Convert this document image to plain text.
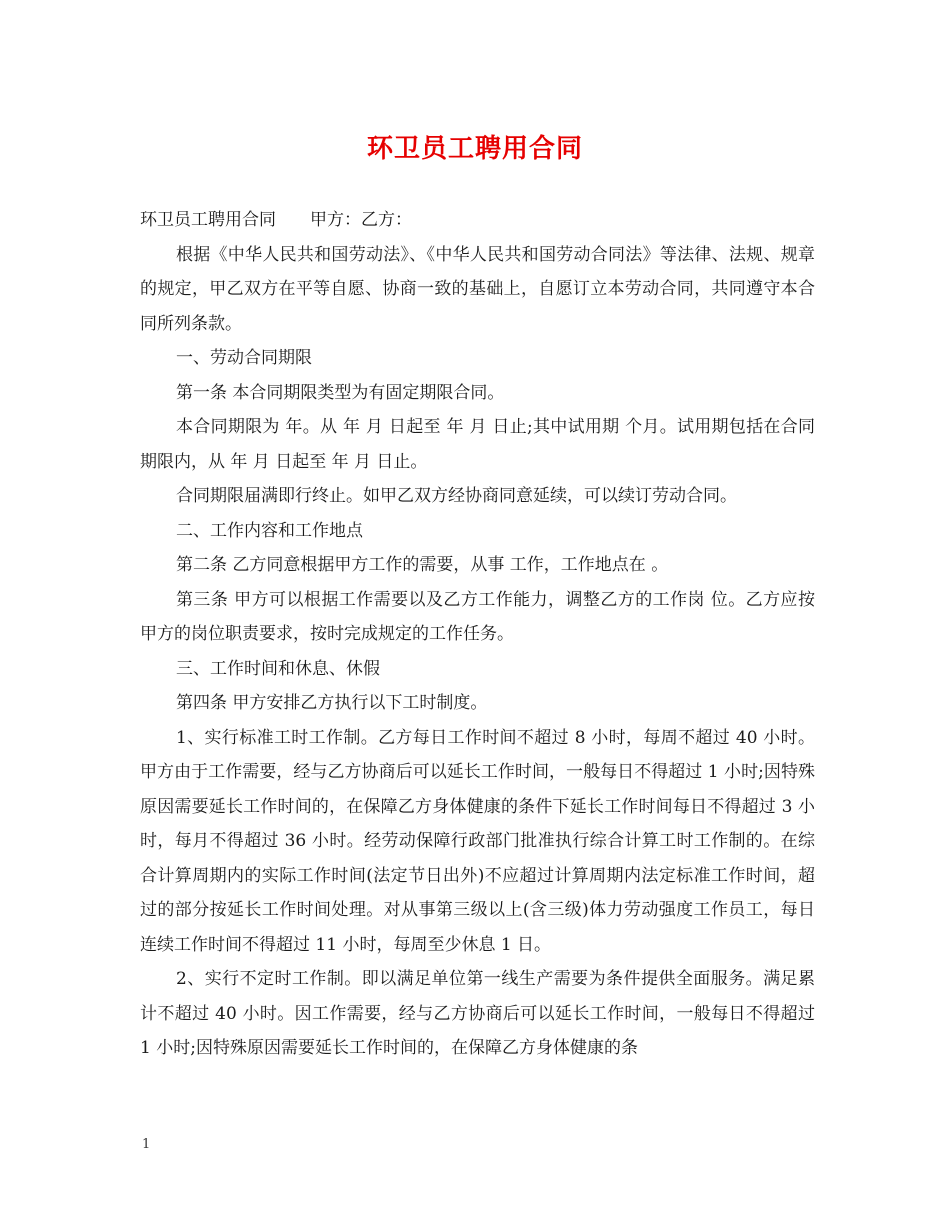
环卫员工聘用合同

环卫员工聘用合同　　甲方：乙方：

根据《中华人民共和国劳动法》、《中华人民共和国劳动合同法》等法律、法规、规章的规定，甲乙双方在平等自愿、协商一致的基础上，自愿订立本劳动合同，共同遵守本合同所列条款。

一、劳动合同期限

第一条 本合同期限类型为有固定期限合同。

本合同期限为 年。从 年 月 日起至 年 月 日止;其中试用期 个月。试用期包括在合同期限内，从 年 月 日起至 年 月 日止。

合同期限届满即行终止。如甲乙双方经协商同意延续，可以续订劳动合同。

二、工作内容和工作地点

第二条 乙方同意根据甲方工作的需要，从事 工作，工作地点在 。

第三条 甲方可以根据工作需要以及乙方工作能力，调整乙方的工作岗 位。乙方应按甲方的岗位职责要求，按时完成规定的工作任务。

三、工作时间和休息、休假

第四条 甲方安排乙方执行以下工时制度。

1、实行标准工时工作制。乙方每日工作时间不超过 8 小时，每周不超过 40 小时。甲方由于工作需要，经与乙方协商后可以延长工作时间，一般每日不得超过 1 小时;因特殊原因需要延长工作时间的，在保障乙方身体健康的条件下延长工作时间每日不得超过 3 小时，每月不得超过 36 小时。经劳动保障行政部门批准执行综合计算工时工作制的。在综合计算周期内的实际工作时间(法定节日出外)不应超过计算周期内法定标准工作时间，超过的部分按延长工作时间处理。对从事第三级以上(含三级)体力劳动强度工作员工，每日连续工作时间不得超过 11 小时，每周至少休息 1 日。

2、实行不定时工作制。即以满足单位第一线生产需要为条件提供全面服务。满足累计不超过 40 小时。因工作需要，经与乙方协商后可以延长工作时间，一般每日不得超过 1 小时;因特殊原因需要延长工作时间的，在保障乙方身体健康的条

1
